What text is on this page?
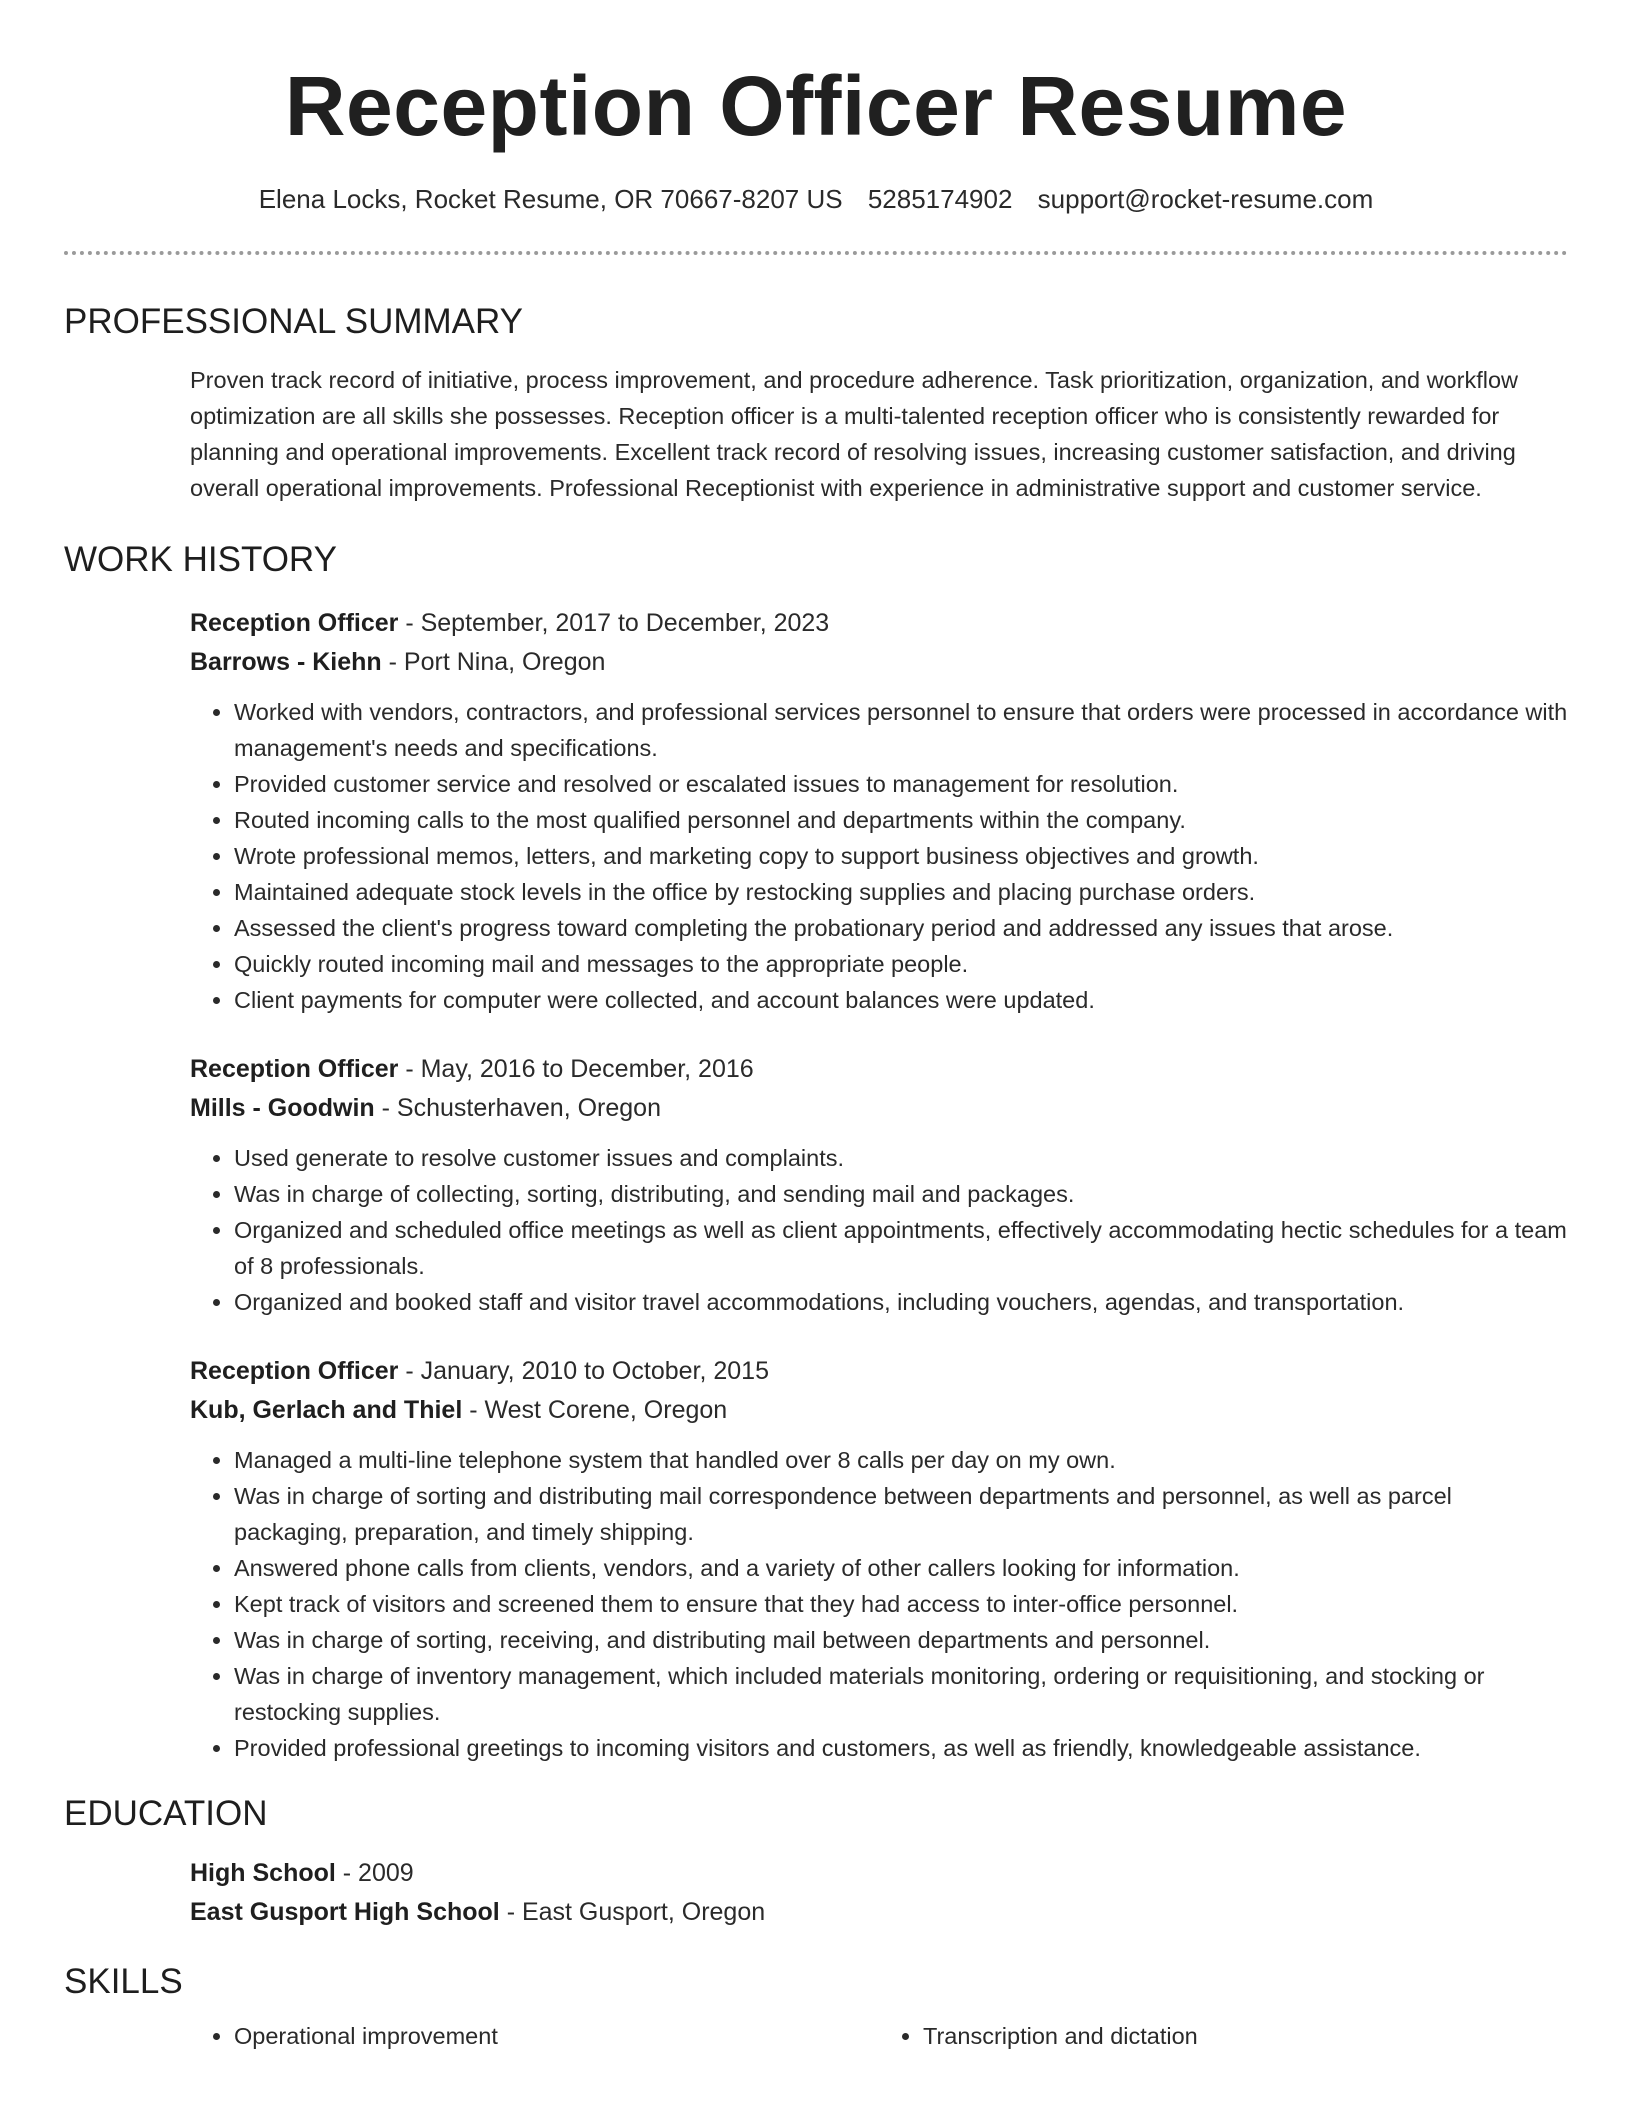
Reception Officer Resume
Elena Locks, Rocket Resume, OR 70667-8207 US 5285174902 support@rocket-resume.com
PROFESSIONAL SUMMARY

Proven track record of initiative, process improvement, and procedure adherence. Task prioritization, organization, and workflow optimization are all skills she possesses. Reception officer is a multi-talented reception officer who is consistently rewarded for planning and operational improvements. Excellent track record of resolving issues, increasing customer satisfaction, and driving overall operational improvements. Professional Receptionist with experience in administrative support and customer service.

WORK HISTORY
Reception Officer - September, 2017 to December, 2023
Barrows - Kiehn - Port Nina, Oregon
• Worked with vendors, contractors, and professional services personnel to ensure that orders were processed in accordance with management's needs and specifications.
• Provided customer service and resolved or escalated issues to management for resolution.
• Routed incoming calls to the most qualified personnel and departments within the company.
• Wrote professional memos, letters, and marketing copy to support business objectives and growth.
• Maintained adequate stock levels in the office by restocking supplies and placing purchase orders.
• Assessed the client's progress toward completing the probationary period and addressed any issues that arose.
• Quickly routed incoming mail and messages to the appropriate people.
• Client payments for computer were collected, and account balances were updated.
Reception Officer - May, 2016 to December, 2016
Mills - Goodwin - Schusterhaven, Oregon
• Used generate to resolve customer issues and complaints.
• Was in charge of collecting, sorting, distributing, and sending mail and packages.
• Organized and scheduled office meetings as well as client appointments, effectively accommodating hectic schedules for a team of 8 professionals.
• Organized and booked staff and visitor travel accommodations, including vouchers, agendas, and transportation.
Reception Officer - January, 2010 to October, 2015
Kub, Gerlach and Thiel - West Corene, Oregon
• Managed a multi-line telephone system that handled over 8 calls per day on my own.
• Was in charge of sorting and distributing mail correspondence between departments and personnel, as well as parcel packaging, preparation, and timely shipping.
• Answered phone calls from clients, vendors, and a variety of other callers looking for information.
• Kept track of visitors and screened them to ensure that they had access to inter-office personnel.
• Was in charge of sorting, receiving, and distributing mail between departments and personnel.
• Was in charge of inventory management, which included materials monitoring, ordering or requisitioning, and stocking or restocking supplies.
• Provided professional greetings to incoming visitors and customers, as well as friendly, knowledgeable assistance.
EDUCATION
High School - 2009
East Gusport High School - East Gusport, Oregon
SKILLS
• Operational improvement
•	Transcription and dictation
